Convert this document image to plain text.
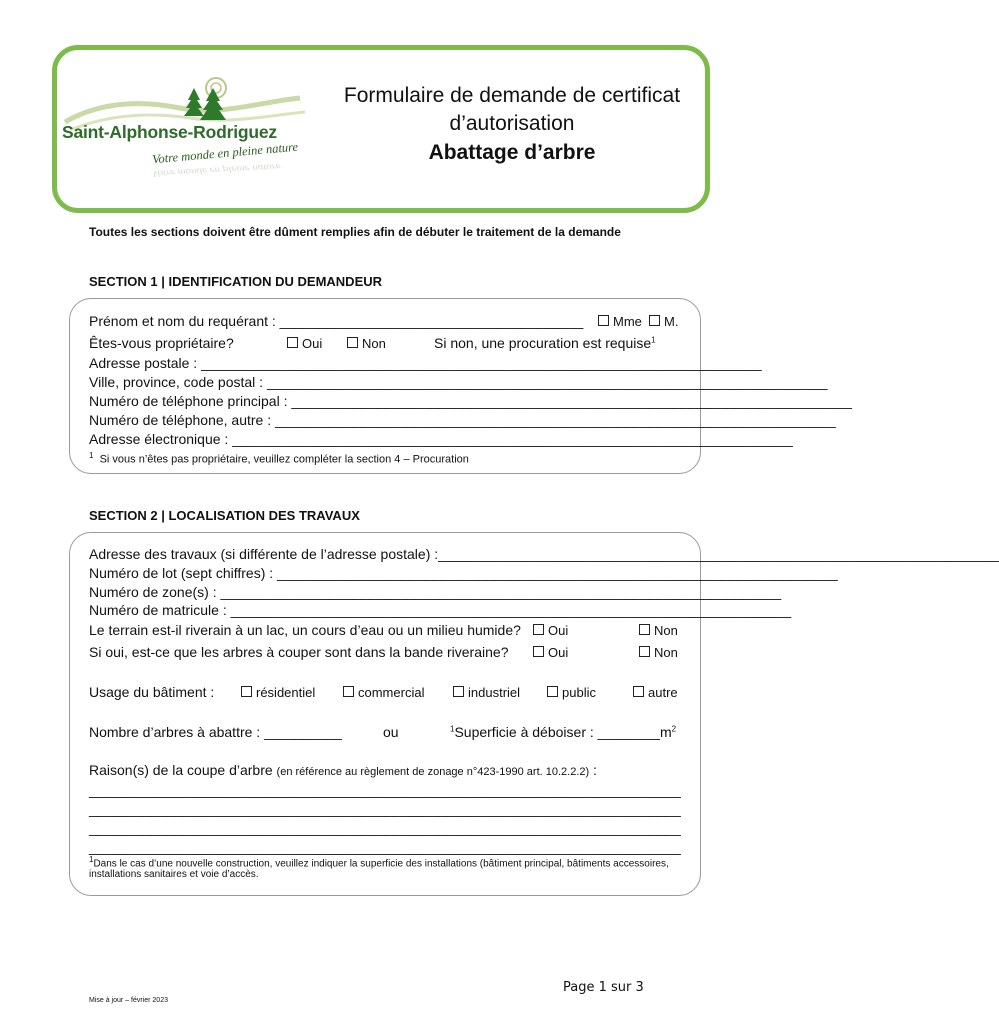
Saint-Alphonse-Rodriguez
Votre monde en pleine nature
Votre monde en pleine nature
Formulaire de demande de certificat
d’autorisation
Abattage d’arbre
Toutes les sections doivent être dûment remplies afin de débuter le traitement de la demande
SECTION 1 | IDENTIFICATION DU DEMANDEUR
Prénom et nom du requérant : _______________________________________	Mme	M.
Êtes-vous propriétaire?	Oui	Non	Si non, une procuration est requise$^1$
Adresse postale : ________________________________________________________________________
Ville, province, code postal : ________________________________________________________________________
Numéro de téléphone principal : ________________________________________________________________________
Numéro de téléphone, autre : ________________________________________________________________________
Adresse électronique : ________________________________________________________________________
$^1$ Si vous n’êtes pas propriétaire, veuillez compléter la section 4 – Procuration
SECTION 2 | LOCALISATION DES TRAVAUX
Adresse des travaux (si différente de l’adresse postale) :________________________________________________________________________
Numéro de lot (sept chiffres) : ________________________________________________________________________
Numéro de zone(s) : ________________________________________________________________________
Numéro de matricule : ________________________________________________________________________
Le terrain est-il riverain à un lac, un cours d’eau ou un milieu humide?	Oui	Non
Si oui, est-ce que les arbres à couper sont dans la bande riveraine?	Oui	Non
Usage du bâtiment :	résidentiel	commercial	industriel	public	autre
Nombre d’arbres à abattre : __________	ou	$^1$Superficie à déboiser : $\_\_\_\_\_\_\_\_m^2$
Raison(s) de la coupe d’arbre (en référence au règlement de zonage n°423-1990 art. 10.2.2.2) :
____________________________________________________________________________
____________________________________________________________________________
____________________________________________________________________________
____________________________________________________________________________
$^1$Dans le cas d’une nouvelle construction, veuillez indiquer la superficie des installations (bâtiment principal, bâtiments accessoires,
installations sanitaires et voie d’accès.
Page 1 sur 3
Mise à jour – février 2023
